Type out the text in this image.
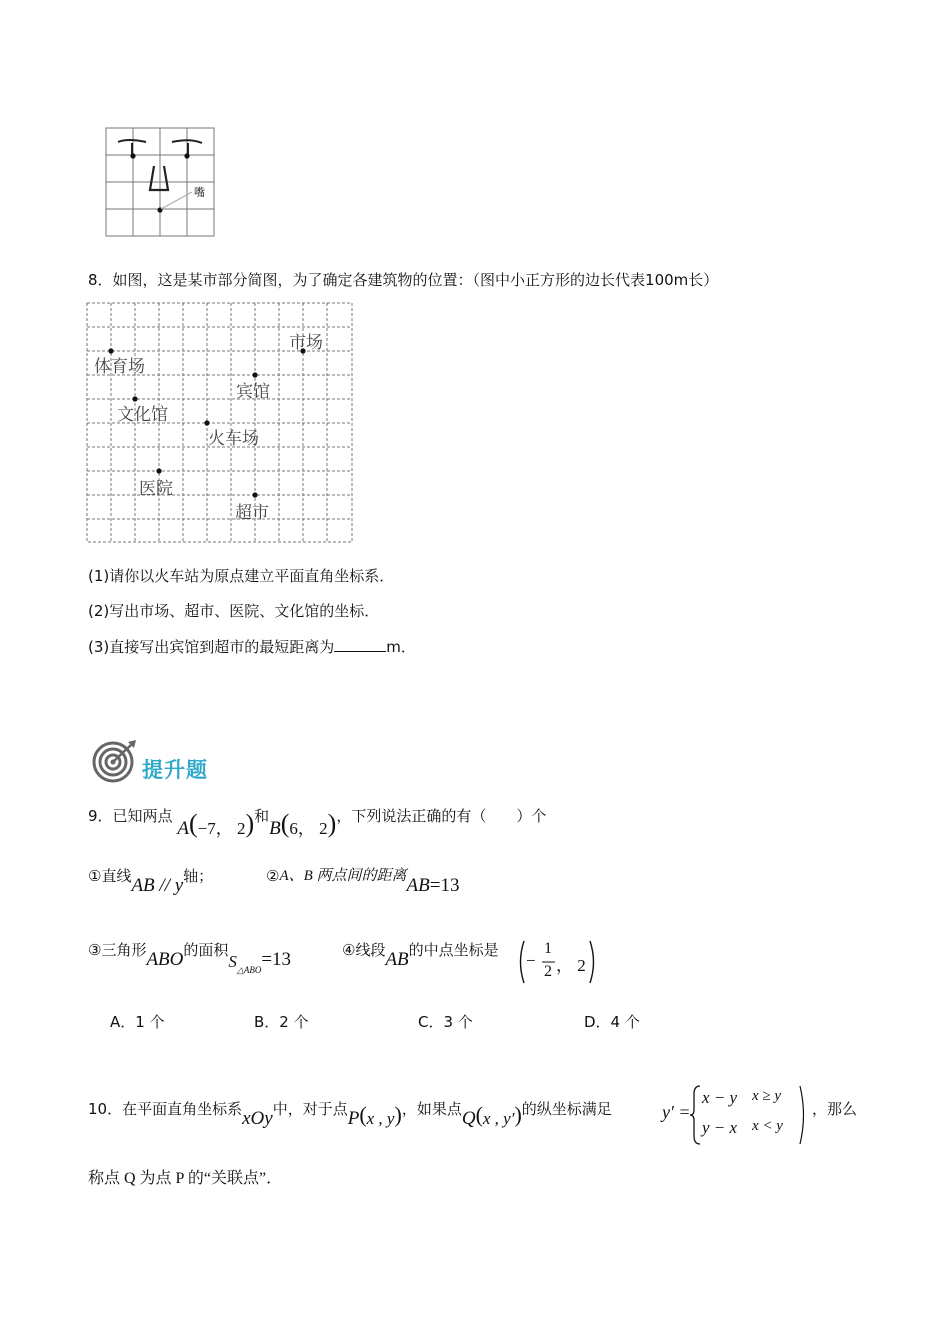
嘴
8．如图，这是某市部分简图，为了确定各建筑物的位置：（图中小正方形的边长代表100m长）
体育场
市场
宾馆
文化馆
火车场
医院
超市
(1)请你以火车站为原点建立平面直角坐标系．
(2)写出市场、超市、医院、文化馆的坐标．
(3)直接写出宾馆到超市的最短距离为	m．
提升题
9．已知两点 A(−7， 2)和B(6， 2)，下列说法正确的有（　　）个
①直线AB // y轴；	②A、B 两点间的距离AB=13
③三角形ABO的面积$S_{\triangle ABO}=13$	④线段AB的中点坐标是
−
1
2 ， 2
A．1 个	B．2 个	C．3 个	D．4 个
10．在平面直角坐标系xOy中，对于点P(x , y)，如果点Q(x , y′)的纵坐标满足	y′ =
x − y x ≥ y
y − x x < y
，那么
称点 Q 为点 P 的“关联点”．
